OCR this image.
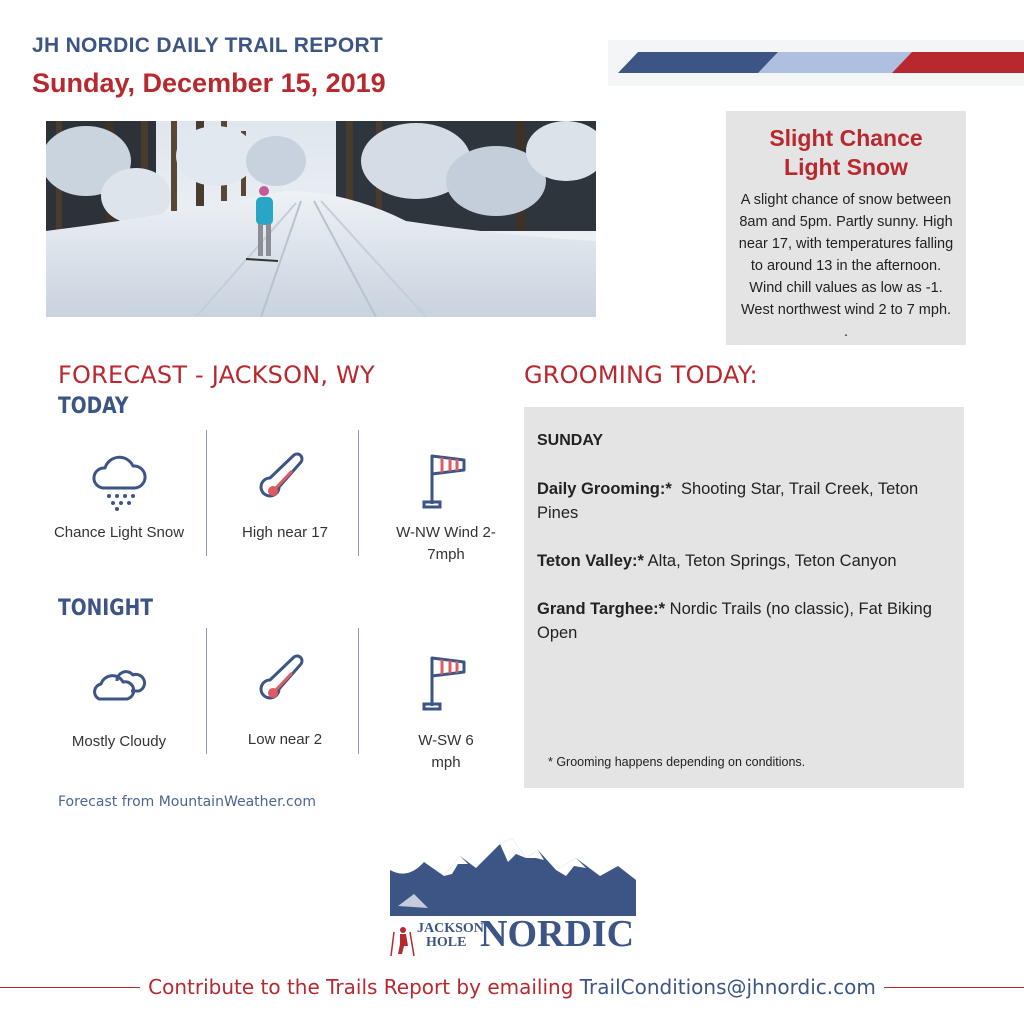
JH NORDIC DAILY TRAIL REPORT
Sunday, December 15, 2019
Slight Chance
Light Snow
A slight chance of snow between 8am and 5pm. Partly sunny. High near 17, with temperatures falling to around 13 in the afternoon. Wind chill values as low as -1. West northwest wind 2 to 7 mph. .
FORECAST - JACKSON, WY
TODAY
Chance Light Snow	High near 17	W-NW Wind 2-7mph
TONIGHT
Mostly Cloudy	Low near 2	W-SW 6 mph
Forecast from MountainWeather.com
GROOMING TODAY:
SUNDAY
Daily Grooming:* Shooting Star, Trail Creek, Teton Pines
Teton Valley:* Alta, Teton Springs, Teton Canyon
Grand Targhee:* Nordic Trails (no classic), Fat Biking Open
* Grooming happens depending on conditions.
JACKSON
HOLE NORDIC
Contribute to the Trails Report by emailing TrailConditions@jhnordic.com
